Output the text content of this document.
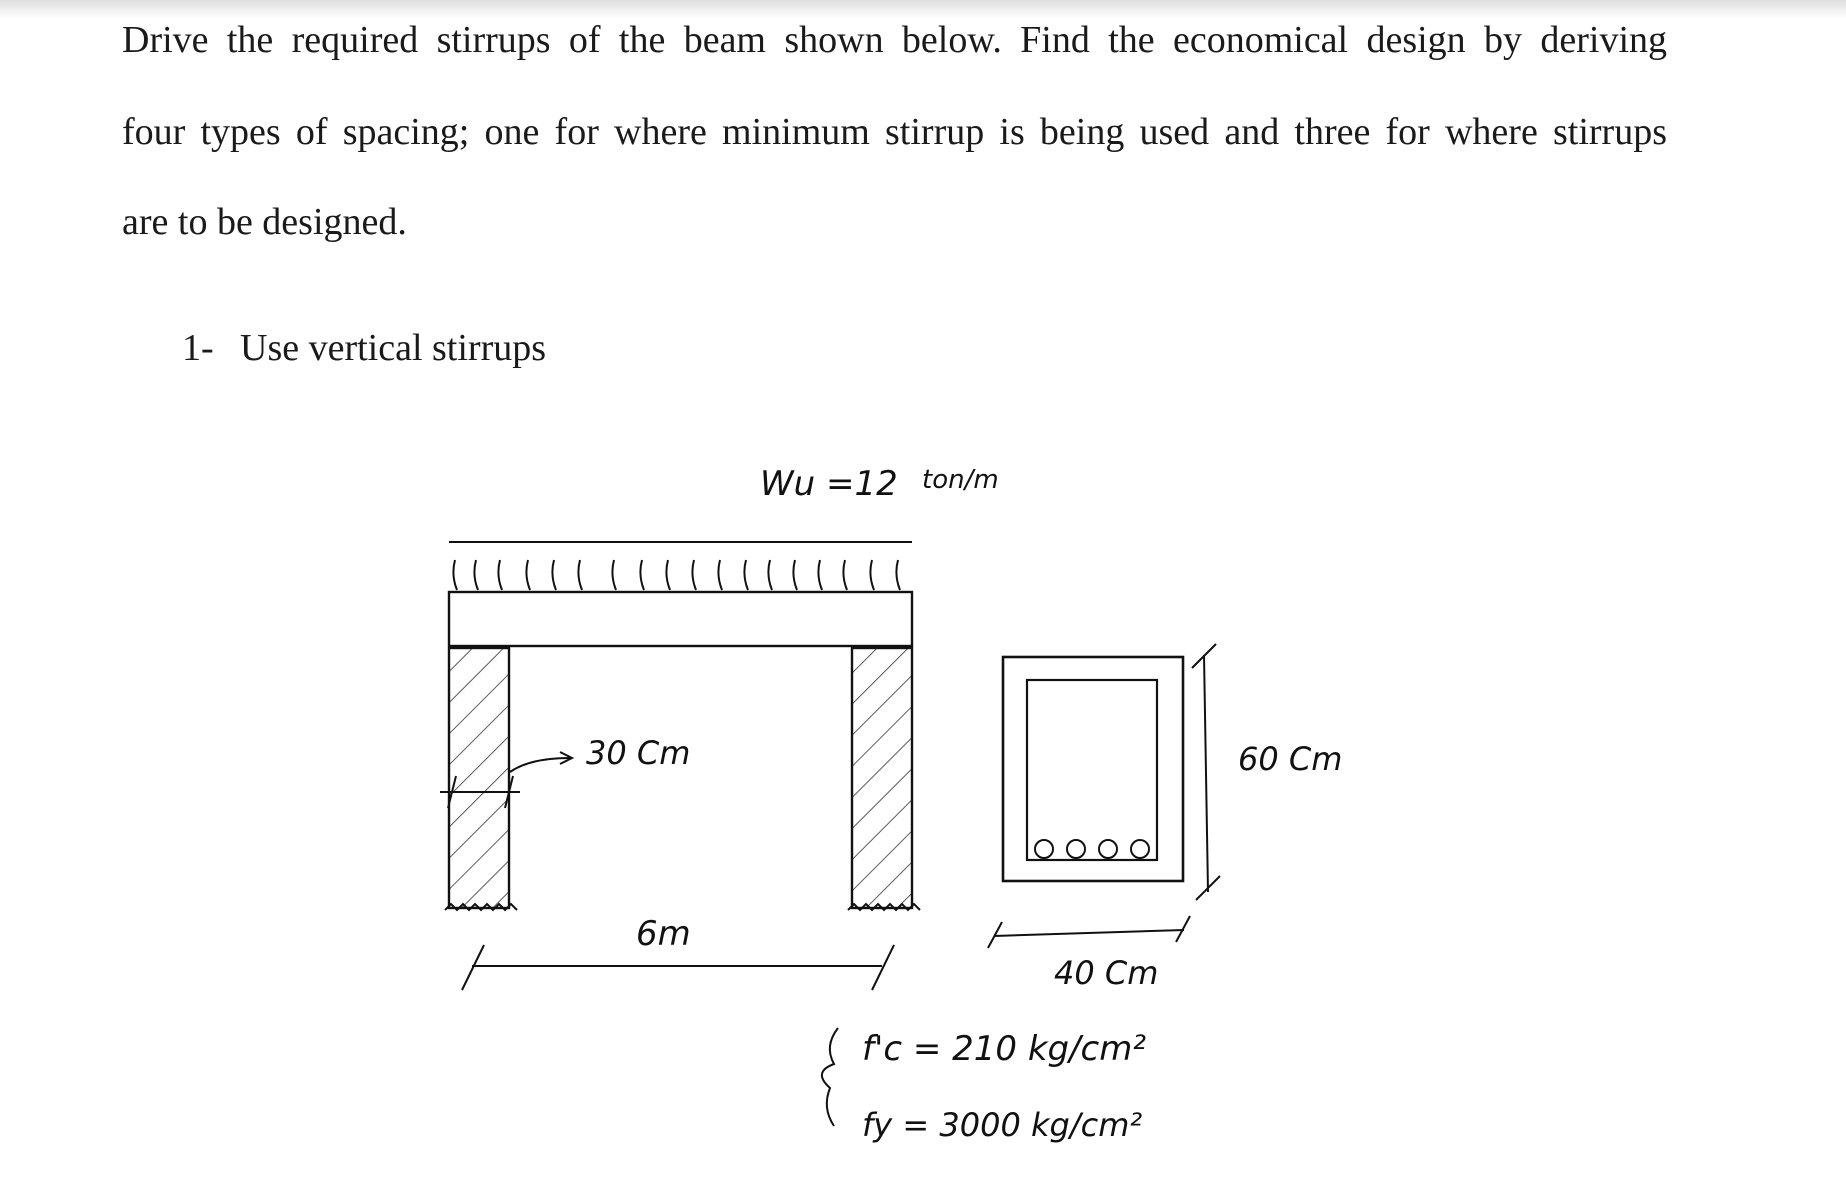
Drive the required stirrups of the beam shown below. Find the economical design by deriving

four types of spacing; one for where minimum stirrup is being used and three for where stirrups

are to be designed.

1- Use vertical stirrups
Wu =12 ton/m
30 Cm
6m
60 Cm
40 Cm
f'c = 210 kg/cm²
fy = 3000 kg/cm²
